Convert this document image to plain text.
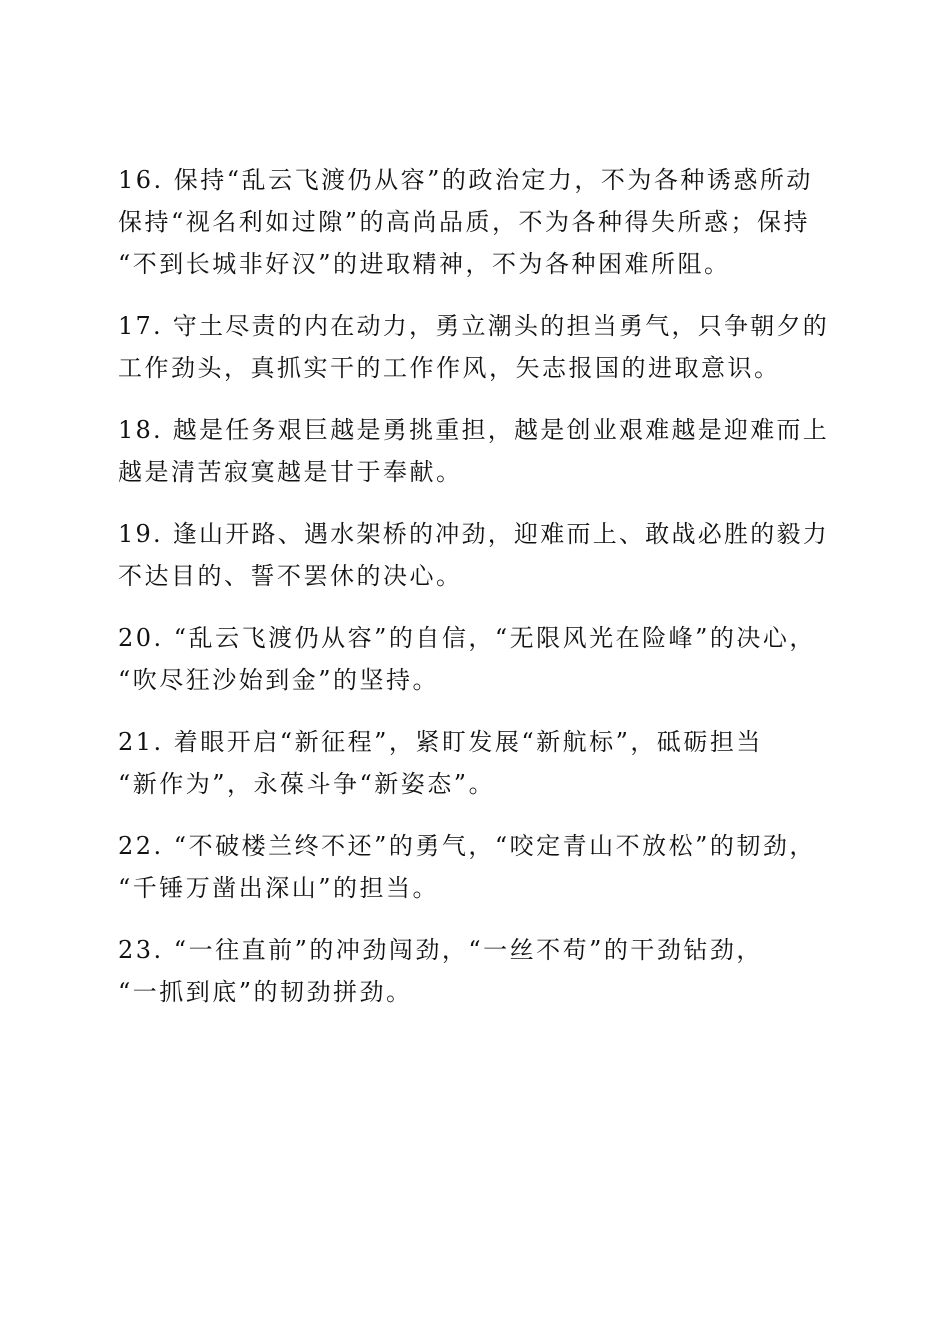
16. 保持“乱云飞渡仍从容”的政治定力，不为各种诱惑所动
保持“视名利如过隙”的高尚品质，不为各种得失所惑；保持
“不到长城非好汉”的进取精神，不为各种困难所阻。
17. 守土尽责的内在动力，勇立潮头的担当勇气，只争朝夕的
工作劲头，真抓实干的工作作风，矢志报国的进取意识。
18. 越是任务艰巨越是勇挑重担，越是创业艰难越是迎难而上
越是清苦寂寞越是甘于奉献。
19. 逢山开路、遇水架桥的冲劲，迎难而上、敢战必胜的毅力
不达目的、誓不罢休的决心。
20. “乱云飞渡仍从容”的自信，“无限风光在险峰”的决心，
“吹尽狂沙始到金”的坚持。
21. 着眼开启“新征程”，紧盯发展“新航标”，砥砺担当
“新作为”，永葆斗争“新姿态”。
22. “不破楼兰终不还”的勇气，“咬定青山不放松”的韧劲，
“千锤万凿出深山”的担当。
23. “一往直前”的冲劲闯劲，“一丝不苟”的干劲钻劲，
“一抓到底”的韧劲拼劲。
